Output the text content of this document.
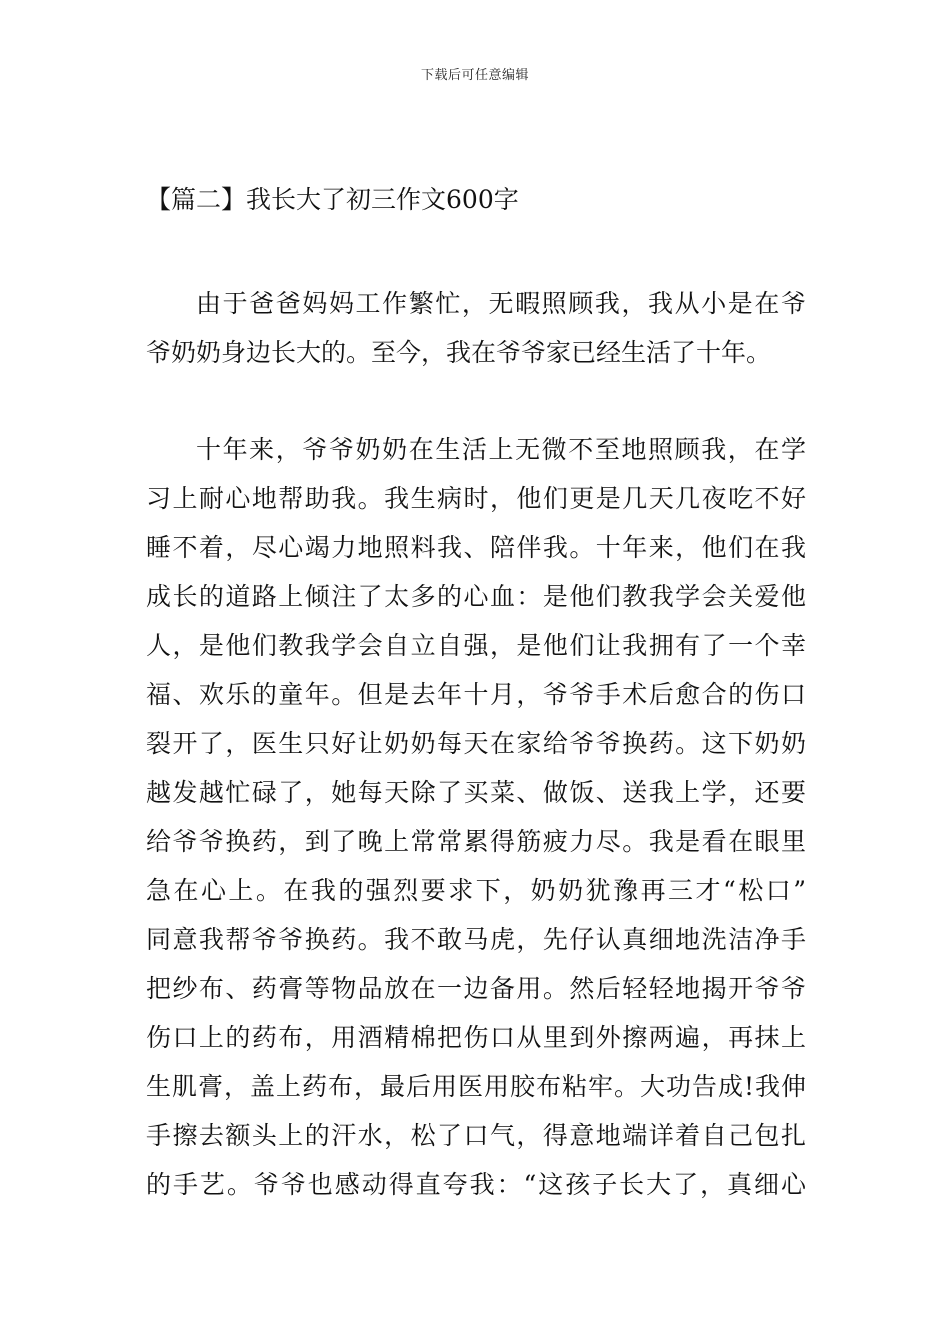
下载后可任意编辑
【篇二】我长大了初三作文600字

由于爸爸妈妈工作繁忙，无暇照顾我，我从小是在爷
爷奶奶身边长大的。至今，我在爷爷家已经生活了十年。

十年来，爷爷奶奶在生活上无微不至地照顾我，在学
习上耐心地帮助我。我生病时，他们更是几天几夜吃不好
睡不着，尽心竭力地照料我、陪伴我。十年来，他们在我
成长的道路上倾注了太多的心血：是他们教我学会关爱他
人，是他们教我学会自立自强，是他们让我拥有了一个幸
福、欢乐的童年。但是去年十月，爷爷手术后愈合的伤口
裂开了，医生只好让奶奶每天在家给爷爷换药。这下奶奶
越发越忙碌了，她每天除了买菜、做饭、送我上学，还要
给爷爷换药，到了晚上常常累得筋疲力尽。我是看在眼里
急在心上。在我的强烈要求下，奶奶犹豫再三才“松口”
同意我帮爷爷换药。我不敢马虎，先仔认真细地洗洁净手
把纱布、药膏等物品放在一边备用。然后轻轻地揭开爷爷
伤口上的药布，用酒精棉把伤口从里到外擦两遍，再抹上
生肌膏，盖上药布，最后用医用胶布粘牢。大功告成!我伸
手擦去额头上的汗水，松了口气，得意地端详着自己包扎
的手艺。爷爷也感动得直夸我：“这孩子长大了，真细心
